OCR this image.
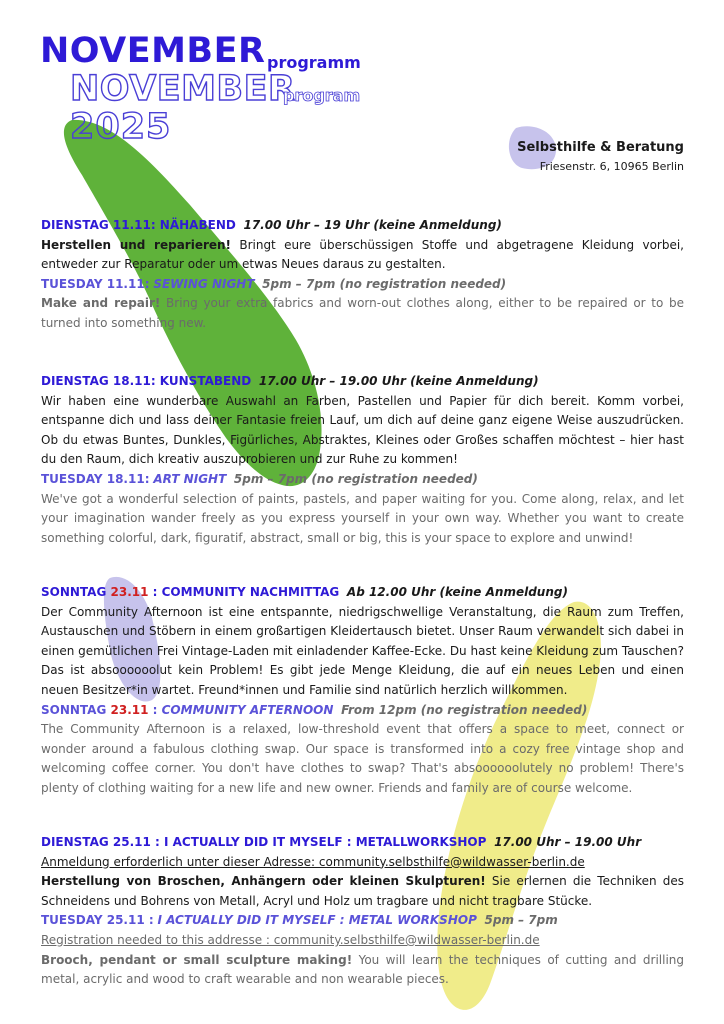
NOVEMBER programm
NOVEMBER
program
2025
Selbsthilfe & Beratung
Friesenstr. 6, 10965 Berlin

DIENSTAG 11.11: NÄHABEND 17.00 Uhr – 19 Uhr (keine Anmeldung)

Herstellen und reparieren! Bringt eure überschüssigen Stoffe und abgetragene Kleidung vorbei, entweder zur Reparatur oder um etwas Neues daraus zu gestalten.

TUESDAY 11.11: SEWING NIGHT 5pm – 7pm (no registration needed)

Make and repair! Bring your extra fabrics and worn-out clothes along, either to be repaired or to be turned into something new.

DIENSTAG 18.11: KUNSTABEND 17.00 Uhr – 19.00 Uhr (keine Anmeldung)

Wir haben eine wunderbare Auswahl an Farben, Pastellen und Papier für dich bereit. Komm vorbei, entspanne dich und lass deiner Fantasie freien Lauf, um dich auf deine ganz eigene Weise auszudrücken. Ob du etwas Buntes, Dunkles, Figürliches, Abstraktes, Kleines oder Großes schaffen möchtest – hier hast du den Raum, dich kreativ auszuprobieren und zur Ruhe zu kommen!

TUESDAY 18.11: ART NIGHT 5pm – 7pm (no registration needed)

We've got a wonderful selection of paints, pastels, and paper waiting for you. Come along, relax, and let your imagination wander freely as you express yourself in your own way. Whether you want to create something colorful, dark, figuratif, abstract, small or big, this is your space to explore and unwind!

SONNTAG 23.11 : COMMUNITY NACHMITTAG Ab 12.00 Uhr (keine Anmeldung)

Der Community Afternoon ist eine entspannte, niedrigschwellige Veranstaltung, die Raum zum Treffen, Austauschen und Stöbern in einem großartigen Kleidertausch bietet. Unser Raum verwandelt sich dabei in einen gemütlichen Frei Vintage-Laden mit einladender Kaffee-Ecke. Du hast keine Kleidung zum Tauschen? Das ist absoooooolut kein Problem! Es gibt jede Menge Kleidung, die auf ein neues Leben und einen neuen Besitzer*in wartet. Freund*innen und Familie sind natürlich herzlich willkommen.

SONNTAG 23.11 : COMMUNITY AFTERNOON From 12pm (no registration needed)

The Community Afternoon is a relaxed, low-threshold event that offers a space to meet, connect or wonder around a fabulous clothing swap. Our space is transformed into a cozy free vintage shop and welcoming coffee corner. You don't have clothes to swap? That's absoooooolutely no problem! There's plenty of clothing waiting for a new life and new owner. Friends and family are of course welcome.

DIENSTAG 25.11 : I ACTUALLY DID IT MYSELF : METALLWORKSHOP 17.00 Uhr – 19.00 Uhr

Anmeldung erforderlich unter dieser Adresse: community.selbsthilfe@wildwasser-berlin.de

Herstellung von Broschen, Anhängern oder kleinen Skulpturen! Sie erlernen die Techniken des Schneidens und Bohrens von Metall, Acryl und Holz um tragbare und nicht tragbare Stücke.

TUESDAY 25.11 : I ACTUALLY DID IT MYSELF : METAL WORKSHOP 5pm – 7pm

Registration needed to this addresse : community.selbsthilfe@wildwasser-berlin.de

Brooch, pendant or small sculpture making! You will learn the techniques of cutting and drilling metal, acrylic and wood to craft wearable and non wearable pieces.
